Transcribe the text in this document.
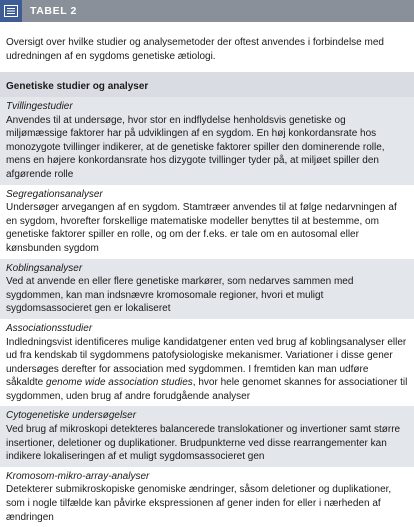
TABEL 2

Oversigt over hvilke studier og analysemetoder der oftest anvendes i forbindelse med udredningen af en sygdoms genetiske ætiologi.

Genetiske studier og analyser
Tvillingestudier
Anvendes til at undersøge, hvor stor en indflydelse henholdsvis genetiske og miljømæssige faktorer har på udviklingen af en sygdom. En høj konkordansrate hos monozygote tvillinger indikerer, at de genetiske faktorer spiller den dominerende rolle, mens en højere konkordansrate hos dizygote tvillinger tyder på, at miljøet spiller den afgørende rolle
Segregationsanalyser
Undersøger arvegangen af en sygdom. Stamtræer anvendes til at følge nedarvningen af en sygdom, hvorefter forskellige matematiske modeller benyttes til at bestemme, om genetiske faktorer spiller en rolle, og om der f.eks. er tale om en autosomal eller kønsbunden sygdom
Koblingsanalyser
Ved at anvende en eller flere genetiske markører, som nedarves sammen med sygdommen, kan man indsnævre kromosomale regioner, hvori et muligt sygdomsassocieret gen er lokaliseret
Associationsstudier
Indledningsvist identificeres mulige kandidatgener enten ved brug af koblingsanalyser eller ud fra kendskab til sygdommens patofysiologiske mekanismer. Variationer i disse gener undersøges derefter for association med sygdommen. I fremtiden kan man udføre såkaldte genome wide association studies, hvor hele genomet skannes for associationer til sygdommen, uden brug af andre forudgående analyser
Cytogenetiske undersøgelser
Ved brug af mikroskopi detekteres balancerede translokationer og invertioner samt større insertioner, deletioner og duplikationer. Brudpunkterne ved disse rearrangementer kan indikere lokaliseringen af et muligt sygdomsassocieret gen
Kromosom-mikro-array-analyser
Detekterer submikroskopiske genomiske ændringer, såsom deletioner og duplikationer, som i nogle tilfælde kan påvirke ekspressionen af gener inden for eller i nærheden af ændringen
